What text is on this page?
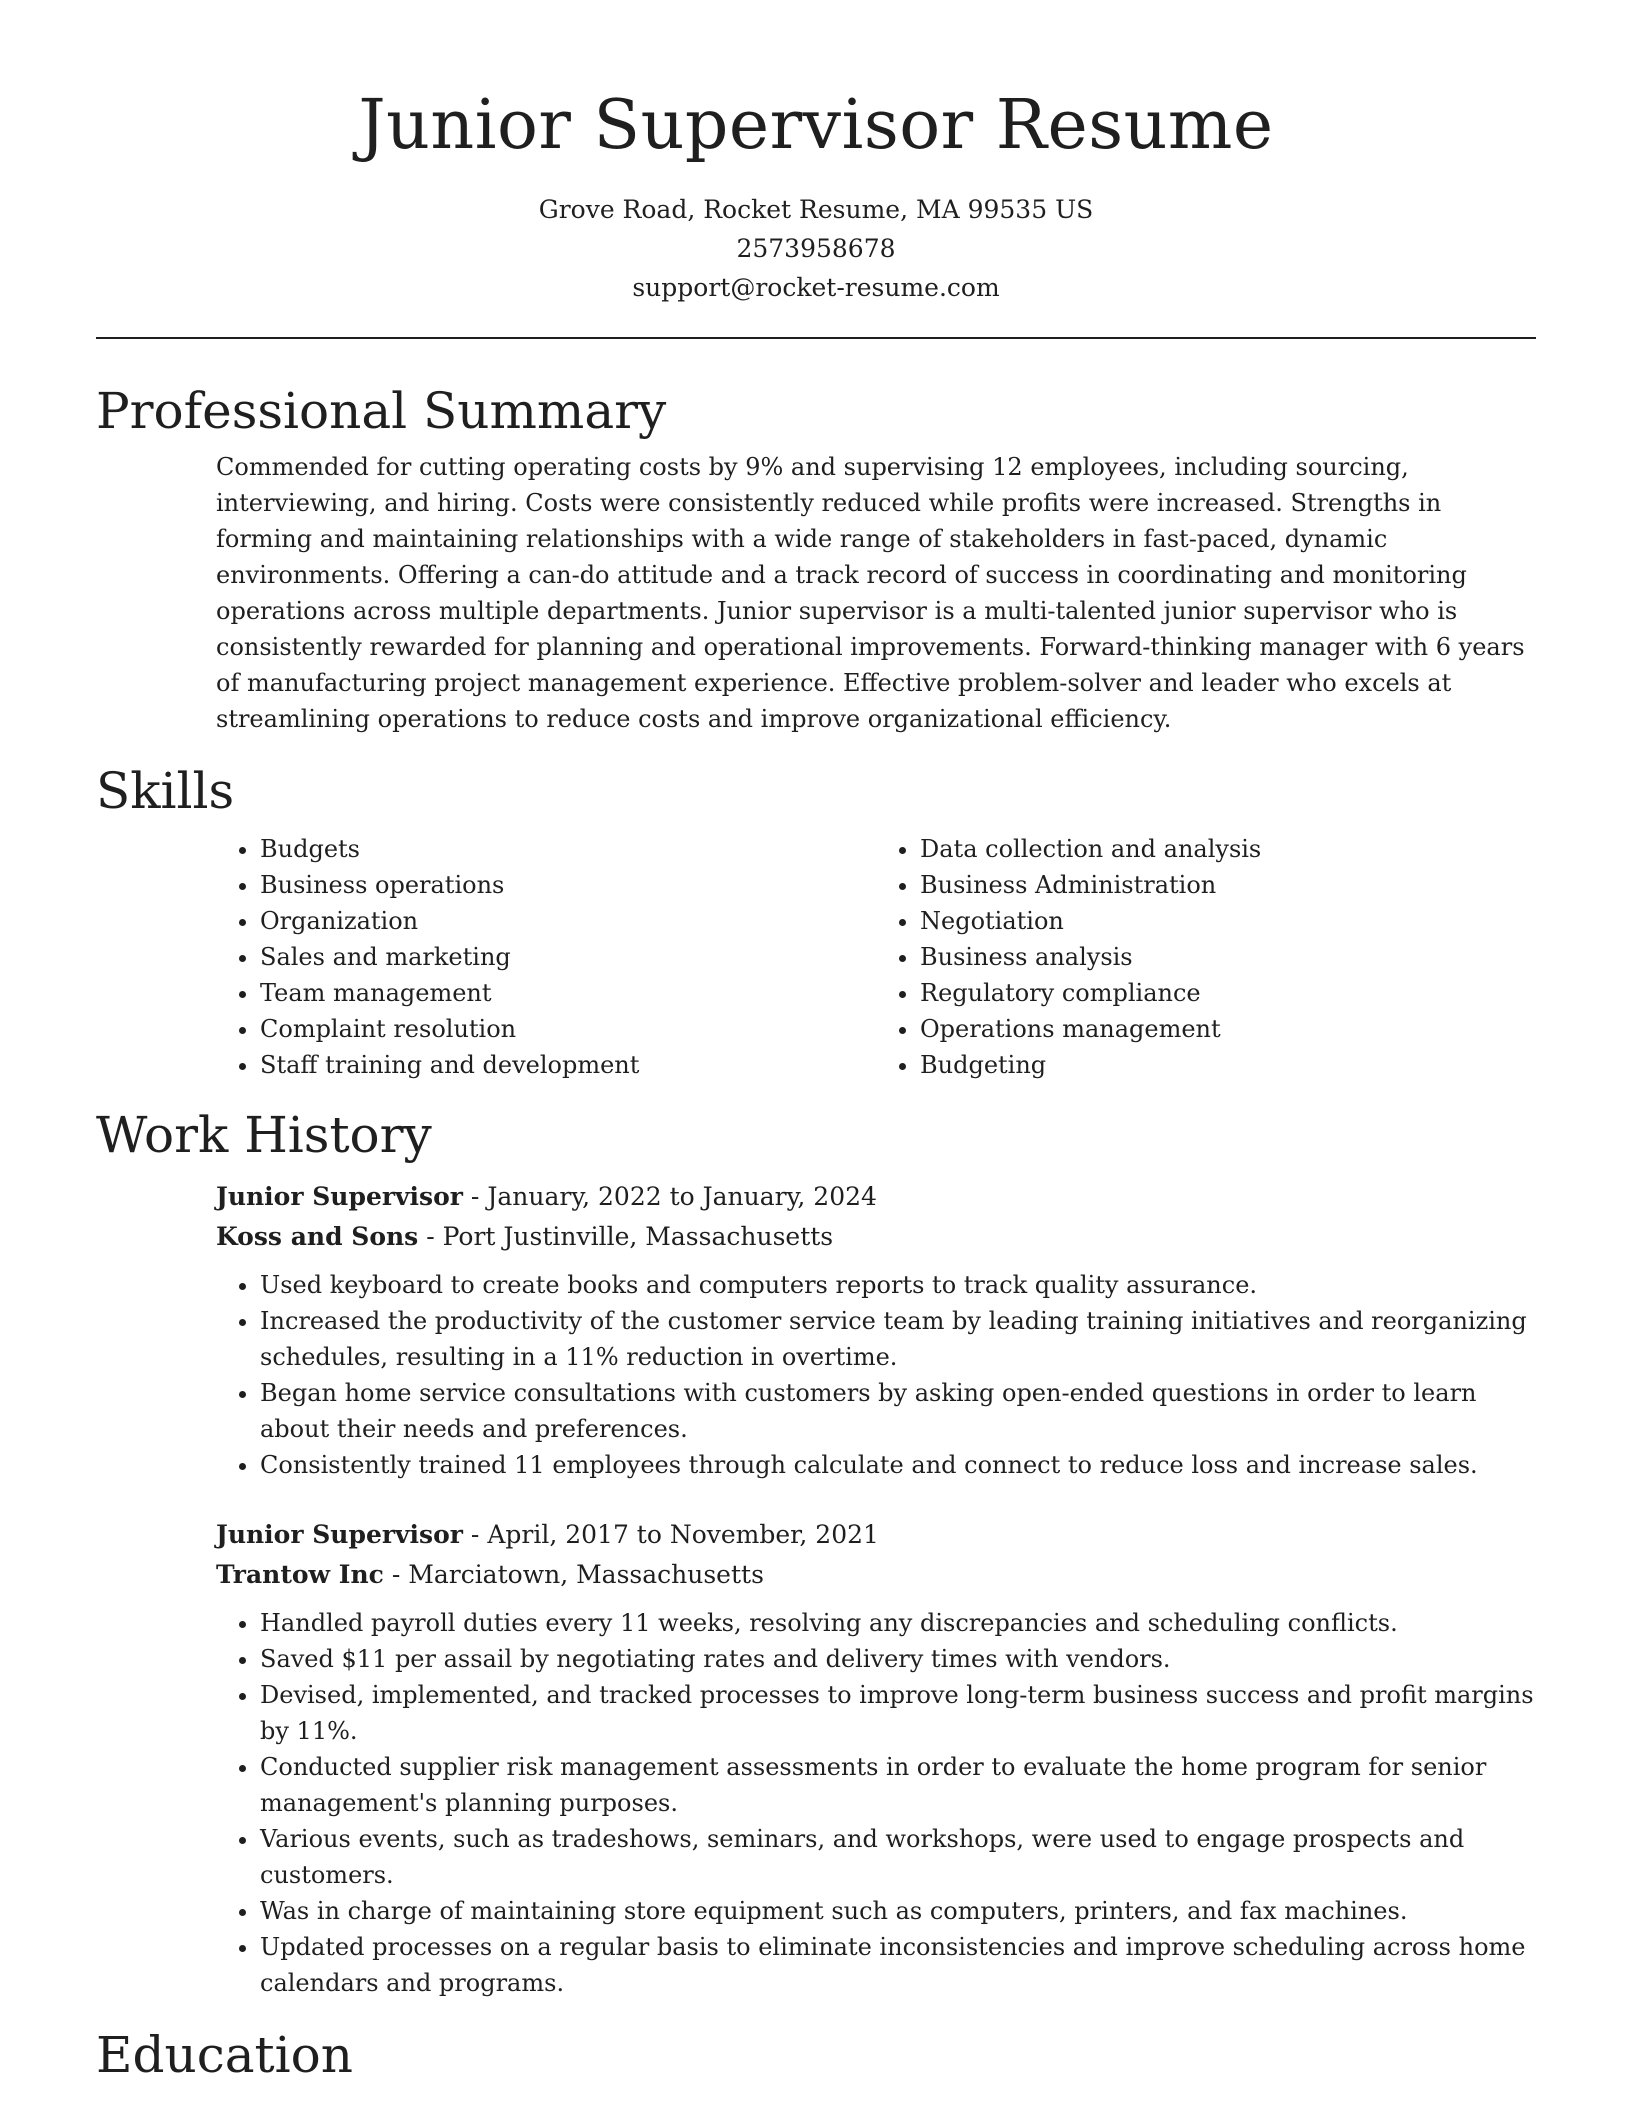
Junior Supervisor Resume
Grove Road, Rocket Resume, MA 99535 US
2573958678
support@rocket-resume.com
Professional Summary

Commended for cutting operating costs by 9% and supervising 12 employees, including sourcing, interviewing, and hiring. Costs were consistently reduced while profits were increased. Strengths in forming and maintaining relationships with a wide range of stakeholders in fast-paced, dynamic environments. Offering a can-do attitude and a track record of success in coordinating and monitoring operations across multiple departments. Junior supervisor is a multi-talented junior supervisor who is consistently rewarded for planning and operational improvements. Forward-thinking manager with 6 years of manufacturing project management experience. Effective problem-solver and leader who excels at streamlining operations to reduce costs and improve organizational efficiency.

Skills
• Budgets
• Business operations
• Organization
• Sales and marketing
• Team management
• Complaint resolution
• Staff training and development
• Data collection and analysis
• Business Administration
• Negotiation
• Business analysis
• Regulatory compliance
• Operations management
• Budgeting
Work History
Junior Supervisor - January, 2022 to January, 2024
Koss and Sons - Port Justinville, Massachusetts
• Used keyboard to create books and computers reports to track quality assurance.
• Increased the productivity of the customer service team by leading training initiatives and reorganizing schedules, resulting in a 11% reduction in overtime.
• Began home service consultations with customers by asking open-ended questions in order to learn about their needs and preferences.
• Consistently trained 11 employees through calculate and connect to reduce loss and increase sales.
Junior Supervisor - April, 2017 to November, 2021
Trantow Inc - Marciatown, Massachusetts
• Handled payroll duties every 11 weeks, resolving any discrepancies and scheduling conflicts.
• Saved $11 per assail by negotiating rates and delivery times with vendors.
• Devised, implemented, and tracked processes to improve long-term business success and profit margins by 11%.
• Conducted supplier risk management assessments in order to evaluate the home program for senior management's planning purposes.
• Various events, such as tradeshows, seminars, and workshops, were used to engage prospects and customers.
• Was in charge of maintaining store equipment such as computers, printers, and fax machines.
• Updated processes on a regular basis to eliminate inconsistencies and improve scheduling across home calendars and programs.
Education
